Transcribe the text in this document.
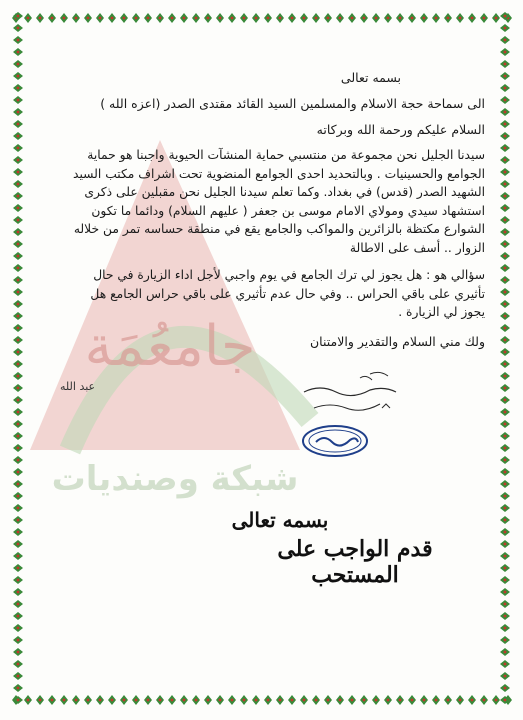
جامعُمَة
شبكة وصنديات
بسمه تعالى
الى سماحة حجة الاسلام والمسلمين السيد القائد مقتدى الصدر (اعزه الله )
السلام عليكم ورحمة الله وبركاته
سيدنا الجليل نحن مجموعة من منتسبي حماية المنشآت الحيوية واجبنا هو حماية
الجوامع والحسينيات . وبالتحديد احدى الجوامع المنضوية تحت اشراف مكتب السيد
الشهيد الصدر (قدس) في بغداد. وكما تعلم سيدنا الجليل نحن مقبلين على ذكرى
استشهاد سيدي ومولاي الامام موسى بن جعفر ( عليهم السلام) ودائما ما تكون
الشوارع مكتظة بالزائرين والمواكب والجامع يقع في منطقة حساسه تمر من خلاله
الزوار .. أسف على الاطالة
سؤالي هو : هل يجوز لي ترك الجامع في يوم واجبي لأجل اداء الزيارة في حال
تأثيري على باقي الحراس .. وفي حال عدم تأثيري على باقي حراس الجامع هل
يجوز لي الزيارة .
ولك مني السلام والتقدير والامتنان
عبد الله
بسمه تعالى
قدم الواجب على المستحب
